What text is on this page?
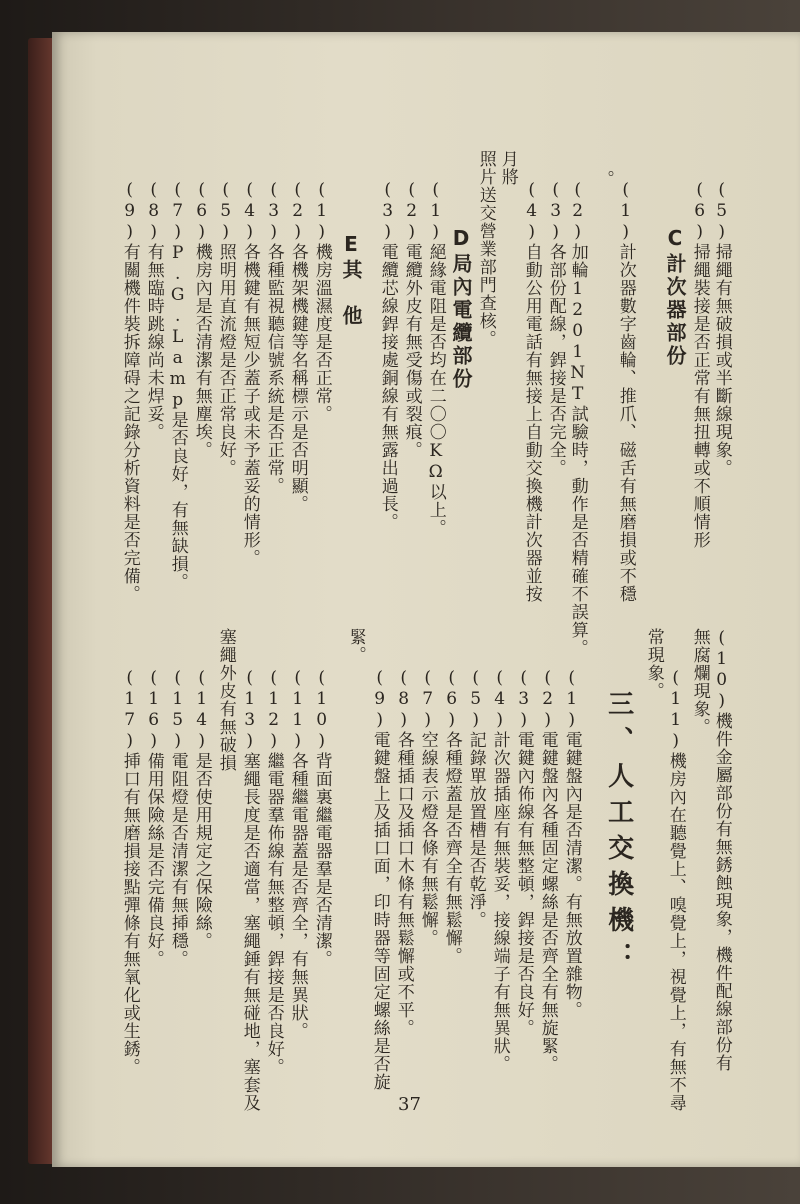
(5)掃繩有無破損或半斷線現象。
(6)掃繩裝接是否正常有無扭轉或不順情形
C計次器部份
(1)計次器數字齒輪、推爪、磁舌有無磨損或不穩
。
(2)加輪1201NT試驗時，動作是否精確不誤算。
(3)各部份配線，銲接是否完全。
(4)自動公用電話有無接上自動交換機計次器並按
月將
照片送交營業部門查核。
D局內電纜部份
(1)絕緣電阻是否均在二〇〇KΩ以上。
(2)電纜外皮有無受傷或裂痕。
(3)電纜芯線銲接處銅線有無露出過長。
E其　他
(1)機房溫濕度是否正常。
(2)各機架機鍵等名稱標示是否明顯。
(3)各種監視聽信號系統是否正常。
(4)各機鍵有無短少蓋子或未予蓋妥的情形。
(5)照明用直流燈是否正常良好。
(6)機房內是否清潔有無塵埃。
(7)P.G.Lamp是否良好，有無缺損。
(8)有無臨時跳線尚未焊妥。
(9)有關機件裝拆障碍之記錄分析資料是否完備。
(10)機件金屬部份有無銹蝕現象，機件配線部份有
無腐爛現象。
(11)機房內在聽覺上、嗅覺上，視覺上，有無不尋
常現象。
三、人工交換機：
(1)電鍵盤內是否清潔。有無放置雜物。
(2)電鍵盤內各種固定螺絲是否齊全有無旋緊。
(3)電鍵內佈線有無整頓，銲接是否良好。
(4)計次器插座有無裝妥，接線端子有無異狀。
(5)記錄單放置槽是否乾淨。
(6)各種燈蓋是否齊全有無鬆懈。
(7)空線表示燈各條有無鬆懈。
(8)各種插口及插口木條有無鬆懈或不平。
(9)電鍵盤上及插口面，印時器等固定螺絲是否旋
緊。
(10)背面裏繼電器羣是否清潔。
(11)各種繼電器蓋是否齊全，有無異狀。
(12)繼電器羣佈線有無整頓，銲接是否良好。
(13)塞繩長度是否適當，塞繩錘有無碰地，塞套及
塞繩外皮有無破損
(14)是否使用規定之保險絲。
(15)電阻燈是否清潔有無揷穩。
(16)備用保險絲是否完備良好。
(17)挿口有無磨損接點彈條有無氧化或生銹。
37
